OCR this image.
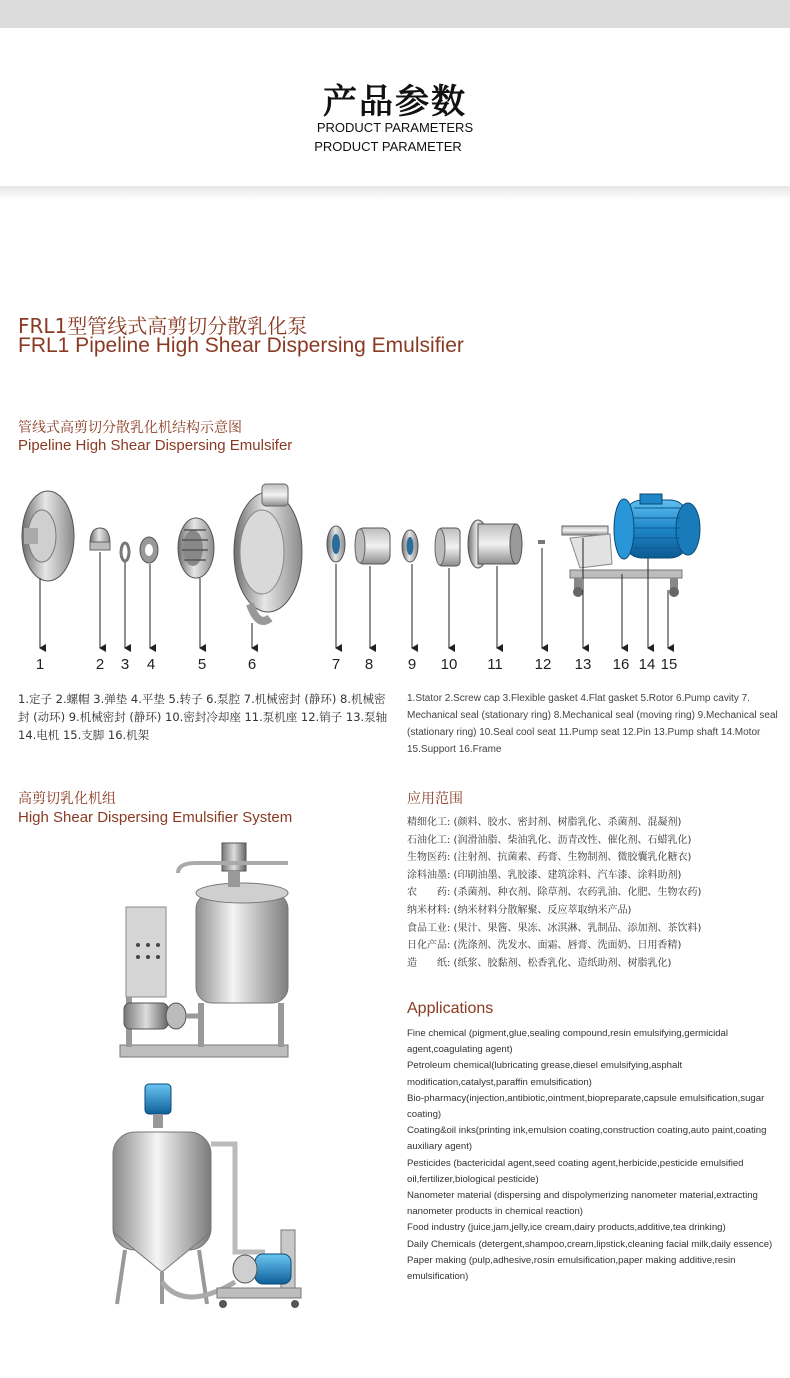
产品参数
PRODUCT PARAMETERS
PRODUCT PARAMETER
FRL1型管线式高剪切分散乳化泵
FRL1 Pipeline High Shear Dispersing Emulsifier
管线式高剪切分散乳化机结构示意图
Pipeline High Shear Dispersing Emulsifer
1	2 3 4	5	6	7 8 9 10 11 12 13 16 14 15
1.定子 2.螺帽 3.弹垫 4.平垫 5.转子 6.泵腔 7.机械密封 (静环) 8.机械密封 (动环) 9.机械密封 (静环) 10.密封冷却座 11.泵机座 12.销子 13.泵轴 14.电机 15.支脚 16.机架
1.Stator 2.Screw cap 3.Flexible gasket 4.Flat gasket 5.Rotor 6.Pump cavity 7. Mechanical seal (stationary ring) 8.Mechanical seal (moving ring) 9.Mechanical seal (stationary ring) 10.Seal cool seat 11.Pump seat 12.Pin 13.Pump shaft 14.Motor 15.Support 16.Frame
高剪切乳化机组
High Shear Dispersing Emulsifier System
应用范围
精细化工: (颜料、胶水、密封剂、树脂乳化、杀菌剂、混凝剂)
石油化工: (润滑油脂、柴油乳化、沥青改性、催化剂、石蜡乳化)
生物医药: (注射剂、抗菌素、药膏、生物制剂、微胶囊乳化糖衣)
涂料油墨: (印刷油墨、乳胶漆、建筑涂料、汽车漆、涂料助剂)
农　　药: (杀菌剂、种衣剂、除草剂、农药乳油、化肥、生物农药)
纳米材料: (纳米材料分散解聚、反应萃取纳米产品)
食品工业: (果汁、果酱、果冻、冰淇淋、乳制品、添加剂、茶饮料)
日化产品: (洗涤剂、洗发水、面霜、唇膏、洗面奶、日用香精)
造　　纸: (纸浆、胶黏剂、松香乳化、造纸助剂、树脂乳化)
Applications
Fine chemical (pigment,glue,sealing compound,resin emulsifying,germicidal agent,coagulating agent)
Petroleum chemical(lubricating grease,diesel emulsifying,asphalt modification,catalyst,paraffin emulsification)
Bio-pharmacy(injection,antibiotic,ointment,biopreparate,capsule emulsification,sugar coating)
Coating&oil inks(printing ink,emulsion coating,construction coating,auto paint,coating auxiliary agent)
Pesticides (bactericidal agent,seed coating agent,herbicide,pesticide emulsified oil,fertilizer,biological pesticide)
Nanometer material (dispersing and dispolymerizing nanometer material,extracting nanometer products in chemical reaction)
Food industry (juice,jam,jelly,ice cream,dairy products,additive,tea drinking)
Daily Chemicals (detergent,shampoo,cream,lipstick,cleaning facial milk,daily essence)
Paper making (pulp,adhesive,rosin emulsification,paper making additive,resin emulsification)
